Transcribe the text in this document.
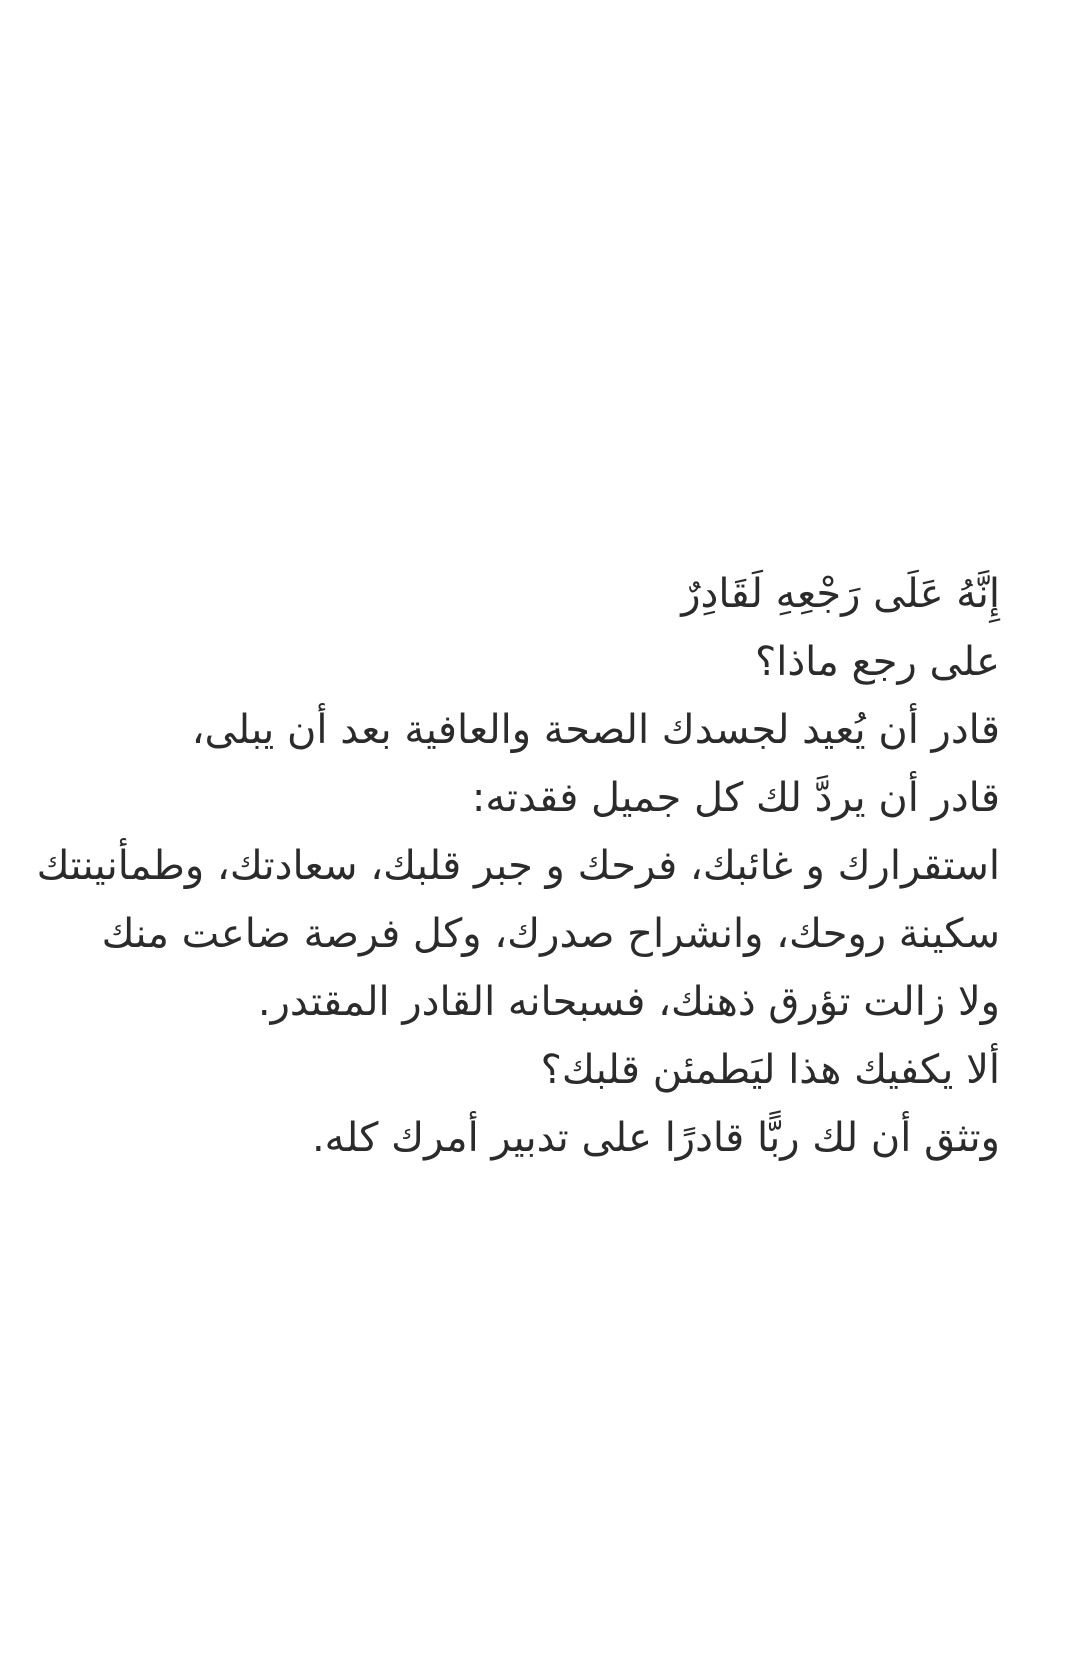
إِنَّهُ عَلَى رَجْعِهِ لَقَادِرٌ
على رجع ماذا؟
قادر أن يُعيد لجسدك الصحة والعافية بعد أن يبلى،
قادر أن يردَّ لك كل جميل فقدته:
استقرارك و غائبك، فرحك و جبر قلبك، سعادتك، وطمأنينتك
سكينة روحك، وانشراح صدرك، وكل فرصة ضاعت منك
ولا زالت تؤرق ذهنك، فسبحانه القادر المقتدر.
ألا يكفيك هذا ليَطمئن قلبك؟
وتثق أن لك ربًّا قادرًا على تدبير أمرك كله.
